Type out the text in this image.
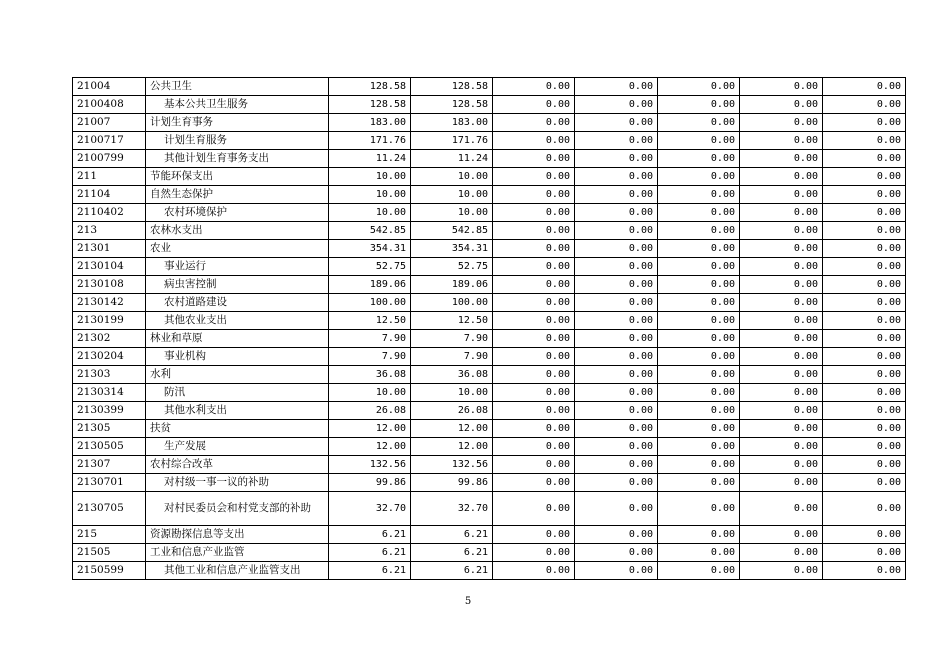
21004	公共卫生	128.58	128.58	0.00	0.00	0.00	0.00	0.00
2100408	基本公共卫生服务	128.58	128.58	0.00	0.00	0.00	0.00	0.00
21007	计划生育事务	183.00	183.00	0.00	0.00	0.00	0.00	0.00
2100717	计划生育服务	171.76	171.76	0.00	0.00	0.00	0.00	0.00
2100799	其他计划生育事务支出	11.24	11.24	0.00	0.00	0.00	0.00	0.00
211	节能环保支出	10.00	10.00	0.00	0.00	0.00	0.00	0.00
21104	自然生态保护	10.00	10.00	0.00	0.00	0.00	0.00	0.00
2110402	农村环境保护	10.00	10.00	0.00	0.00	0.00	0.00	0.00
213	农林水支出	542.85	542.85	0.00	0.00	0.00	0.00	0.00
21301	农业	354.31	354.31	0.00	0.00	0.00	0.00	0.00
2130104	事业运行	52.75	52.75	0.00	0.00	0.00	0.00	0.00
2130108	病虫害控制	189.06	189.06	0.00	0.00	0.00	0.00	0.00
2130142	农村道路建设	100.00	100.00	0.00	0.00	0.00	0.00	0.00
2130199	其他农业支出	12.50	12.50	0.00	0.00	0.00	0.00	0.00
21302	林业和草原	7.90	7.90	0.00	0.00	0.00	0.00	0.00
2130204	事业机构	7.90	7.90	0.00	0.00	0.00	0.00	0.00
21303	水利	36.08	36.08	0.00	0.00	0.00	0.00	0.00
2130314	防汛	10.00	10.00	0.00	0.00	0.00	0.00	0.00
2130399	其他水利支出	26.08	26.08	0.00	0.00	0.00	0.00	0.00
21305	扶贫	12.00	12.00	0.00	0.00	0.00	0.00	0.00
2130505	生产发展	12.00	12.00	0.00	0.00	0.00	0.00	0.00
21307	农村综合改革	132.56	132.56	0.00	0.00	0.00	0.00	0.00
2130701	对村级一事一议的补助	99.86	99.86	0.00	0.00	0.00	0.00	0.00
2130705	对村民委员会和村党支部的补助	32.70	32.70	0.00	0.00	0.00	0.00	0.00
215	资源勘探信息等支出	6.21	6.21	0.00	0.00	0.00	0.00	0.00
21505	工业和信息产业监管	6.21	6.21	0.00	0.00	0.00	0.00	0.00
2150599	其他工业和信息产业监管支出	6.21	6.21	0.00	0.00	0.00	0.00	0.00
5
